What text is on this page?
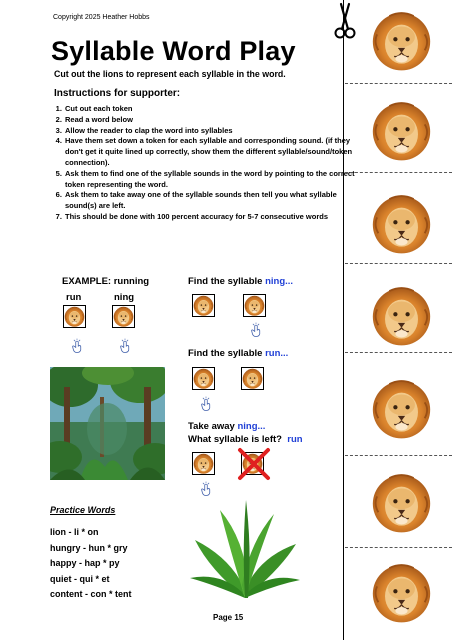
Copyright 2025 Heather Hobbs
Syllable Word Play
Cut out the lions to represent each syllable in the word.
Instructions for supporter:
1. Cut out each token
2. Read a word below
3. Allow the reader to clap the word into syllables
4. Have them set down a token for each syllable and corresponding sound. (if they don't get it quite lined up correctly, show them the different syllable/sound/token connection).
5. Ask them to find one of the syllable sounds in the word by pointing to the correct token representing the word.
6. Ask them to take away one of the syllable sounds then tell you what syllable sound(s) are left.
7. This should be done with 100 percent accuracy for 5-7 consecutive words
EXAMPLE: running
run	ning
Find the syllable ning...
Find the syllable run...
Take away ning...
What syllable is left? run
Practice Words
lion - li * on
hungry - hun * gry
happy - hap * py
quiet - qui * et
content - con * tent
Page 15
